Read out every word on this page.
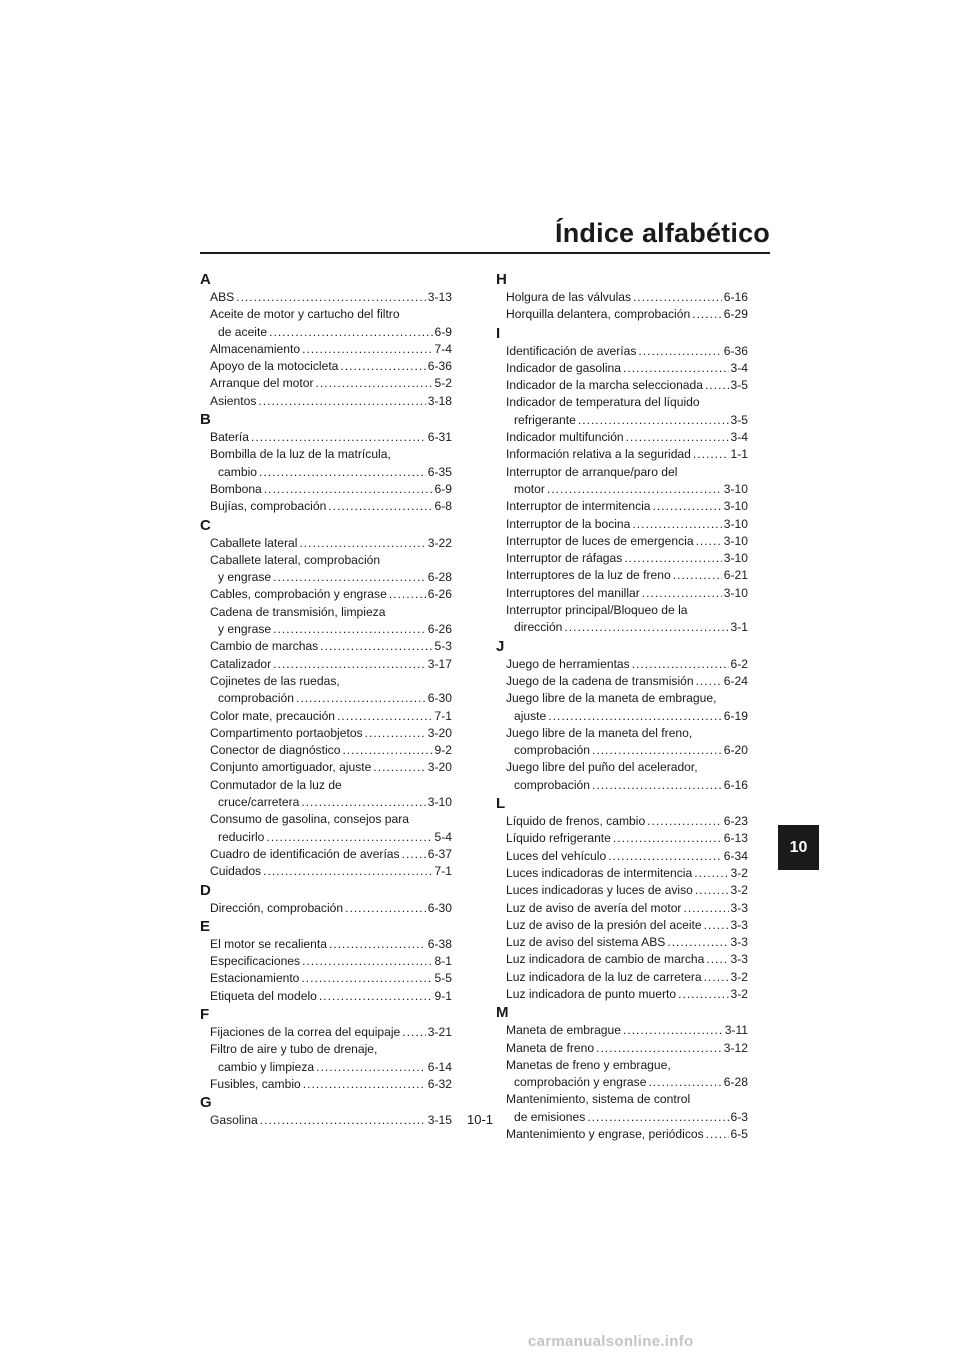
Índice alfabético
A
ABS .....	3-13
Aceite de motor y cartucho del filtro
de aceite .....	6-9
Almacenamiento .....	7-4
Apoyo de la motocicleta .....	6-36
Arranque del motor .....	5-2
Asientos .....	3-18
B
Batería .....	6-31
Bombilla de la luz de la matrícula,
cambio .....	6-35
Bombona .....	6-9
Bujías, comprobación .....	6-8
C
Caballete lateral .....	3-22
Caballete lateral, comprobación
y engrase .....	6-28
Cables, comprobación y engrase .....	6-26
Cadena de transmisión, limpieza
y engrase .....	6-26
Cambio de marchas .....	5-3
Catalizador .....	3-17
Cojinetes de las ruedas,
comprobación .....	6-30
Color mate, precaución .....	7-1
Compartimento portaobjetos .....	3-20
Conector de diagnóstico .....	9-2
Conjunto amortiguador, ajuste .....	3-20
Conmutador de la luz de
cruce/carretera .....	3-10
Consumo de gasolina, consejos para
reducirlo .....	5-4
Cuadro de identificación de averías ..... 6-37
Cuidados .....	7-1
D
Dirección, comprobación .....	6-30
E
El motor se recalienta .....	6-38
Especificaciones .....	8-1
Estacionamiento .....	5-5
Etiqueta del modelo .....	9-1
F
Fijaciones de la correa del equipaje ..... 3-21
Filtro de aire y tubo de drenaje,
cambio y limpieza .....	6-14
Fusibles, cambio .....	6-32
G
Gasolina .....	3-15
H
Holgura de las válvulas .....	6-16
Horquilla delantera, comprobación .....	6-29
I
Identificación de averías .....	6-36
Indicador de gasolina .....	3-4
Indicador de la marcha seleccionada ..... 3-5
Indicador de temperatura del líquido
refrigerante .....	3-5
Indicador multifunción .....	3-4
Información relativa a la seguridad .....	1-1
Interruptor de arranque/paro del
motor .....	3-10
Interruptor de intermitencia .....	3-10
Interruptor de la bocina .....	3-10
Interruptor de luces de emergencia ..... 3-10
Interruptor de ráfagas .....	3-10
Interruptores de la luz de freno .....	6-21
Interruptores del manillar .....	3-10
Interruptor principal/Bloqueo de la
dirección .....	3-1
J
Juego de herramientas .....	6-2
Juego de la cadena de transmisión ..... 6-24
Juego libre de la maneta de embrague,
ajuste .....	6-19
Juego libre de la maneta del freno,
comprobación .....	6-20
Juego libre del puño del acelerador,
comprobación .....	6-16
L
Líquido de frenos, cambio .....	6-23
Líquido refrigerante .....	6-13
Luces del vehículo .....	6-34
Luces indicadoras de intermitencia .....	3-2
Luces indicadoras y luces de aviso .....	3-2
Luz de aviso de avería del motor .....	3-3
Luz de aviso de la presión del aceite ..... 3-3
Luz de aviso del sistema ABS .....	3-3
Luz indicadora de cambio de marcha ..... 3-3
Luz indicadora de la luz de carretera ..... 3-2
Luz indicadora de punto muerto .....	3-2
M
Maneta de embrague .....	3-11
Maneta de freno .....	3-12
Manetas de freno y embrague,
comprobación y engrase .....	6-28
Mantenimiento, sistema de control
de emisiones .....	6-3
Mantenimiento y engrase, periódicos ..... 6-5
10
10-1
carmanualsonline.info
